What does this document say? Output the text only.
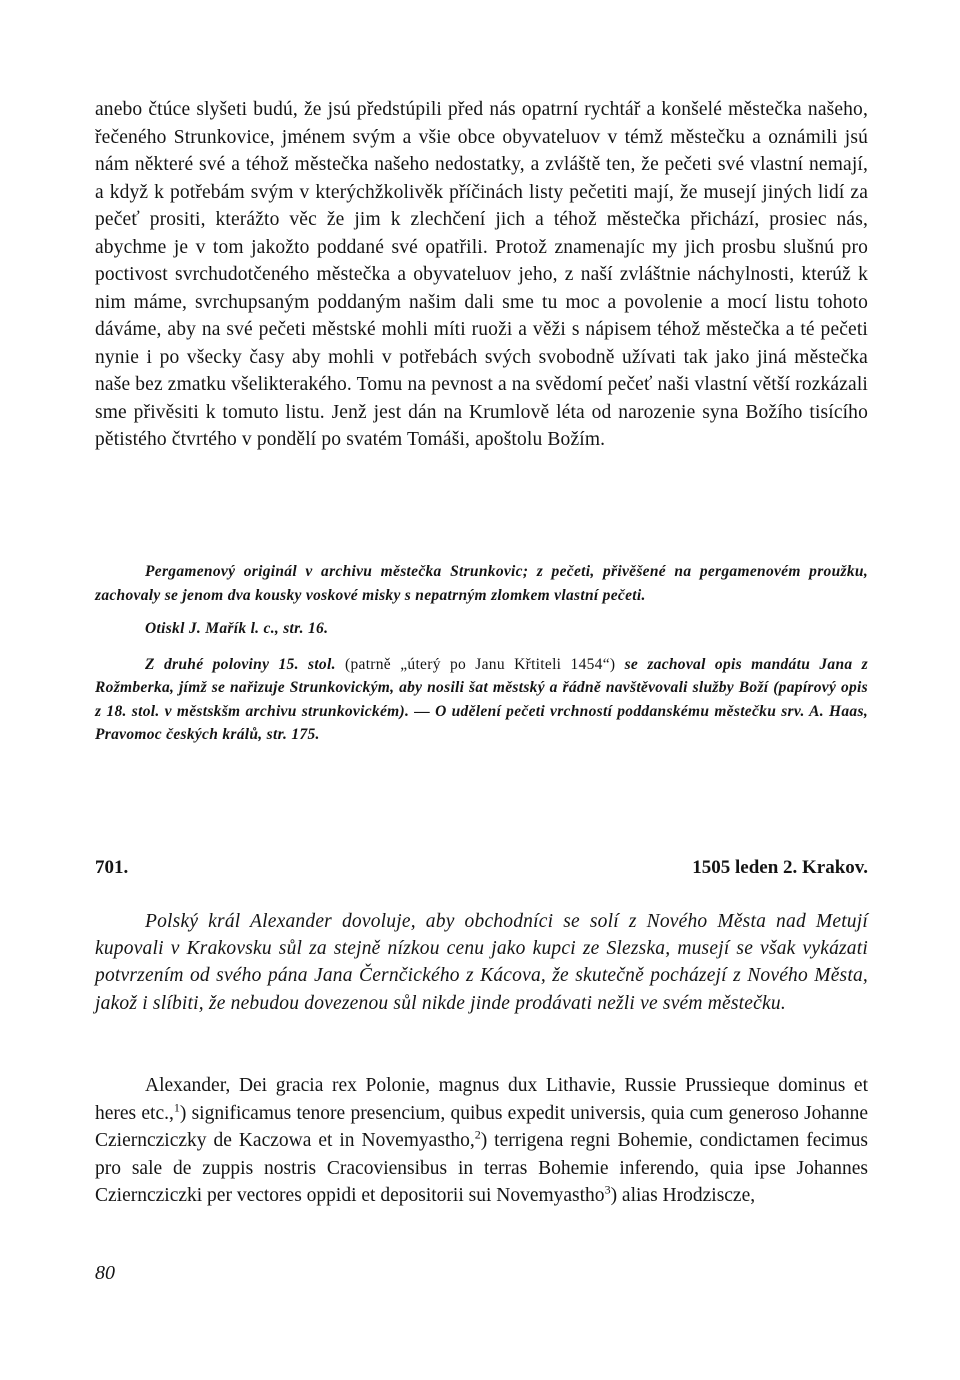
anebo čtúce slyšeti budú, že jsú předstúpili před nás opatrní rychtář a konšelé městečka našeho, řečeného Strunkovice, jménem svým a všie obce obyvateluov v témž městečku a oznámili jsú nám některé své a téhož městečka našeho nedostatky, a zvláště ten, že pečeti své vlastní nemají, a když k potřebám svým v kterýchžkolivěk příčinách listy pečetiti mají, že musejí jiných lidí za pečeť prositi, kterážto věc že jim k zlechčení jich a téhož městečka přichází, prosiec nás, abychme je v tom jakožto poddané své opatřili. Protož znamenajíc my jich prosbu slušnú pro poctivost svrchudotčeného městečka a obyvateluov jeho, z naší zvláštnie náchylnosti, kterúž k nim máme, svrchupsaným poddaným našim dali sme tu moc a povolenie a mocí listu tohoto dáváme, aby na své pečeti městské mohli míti ruoži a věži s nápisem téhož městečka a té pečeti nynie i po všecky časy aby mohli v potřebách svých svobodně užívati tak jako jiná městečka naše bez zmatku všelikterakého. Tomu na pevnost a na svědomí pečeť naši vlastní větší rozkázali sme přivěsiti k tomuto listu. Jenž jest dán na Krumlově léta od narozenie syna Božího tisícího pětistého čtvrtého v pondělí po svatém Tomáši, apoštolu Božím.

Pergamenový originál v archivu městečka Strunkovic; z pečeti, přivěšené na pergamenovém proužku, zachovaly se jenom dva kousky voskové misky s nepatrným zlomkem vlastní pečeti.

Otiskl J. Mařík l. c., str. 16.

Z druhé poloviny 15. stol. (patrně „úterý po Janu Křtiteli 1454“) se zachoval opis mandátu Jana z Rožmberka, jímž se nařizuje Strunkovickým, aby nosili šat městský a řádně navštěvovali služby Boží (papírový opis z 18. stol. v městskšm archivu strunkovickém). — O udělení pečeti vrchností poddanskému městečku srv. A. Haas, Pravomoc českých králů, str. 175.

701.	1505 leden 2. Krakov.
Polský král Alexander dovoluje, aby obchodníci se solí z Nového Města nad Metují kupovali v Krakovsku sůl za stejně nízkou cenu jako kupci ze Slezska, musejí se však vykázati potvrzením od svého pána Jana Černčického z Kácova, že skutečně pocházejí z Nového Města, jakož i slíbiti, že nebudou dovezenou sůl nikde jinde prodávati nežli ve svém městečku.
Alexander, Dei gracia rex Polonie, magnus dux Lithavie, Russie Prussieque dominus et heres etc.,$^1$) significamus tenore presencium, quibus expedit universis, quia cum generoso Johanne Czierncziczky de Kaczowa et in Novemyastho,$^2$) terrigena regni Bohemie, condictamen fecimus pro sale de zuppis nostris Cracoviensibus in terras Bohemie inferendo, quia ipse Johannes Czierncziczki per vectores oppidi et depositorii sui Novemyastho$^3$) alias Hrodziscze,
80
